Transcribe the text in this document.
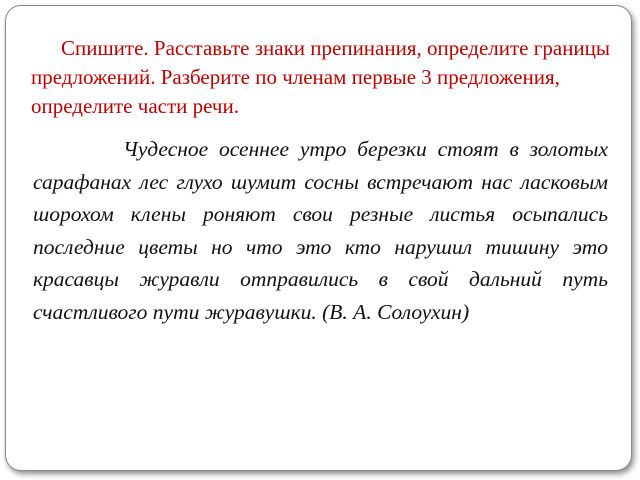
Спишите. Расставьте знаки препинания, определите границы предложений. Разберите по членам первые 3 предложения, определите части речи.

Чудесное осеннее утро березки стоят в золотых сарафанах лес глухо шумит сосны встречают нас ласковым шорохом клены роняют свои резные листья осыпались последние цветы но что это кто нарушил тишину это красавцы журавли отправились в свой дальний путь счастливого пути журавушки. (В. А. Солоухин)
